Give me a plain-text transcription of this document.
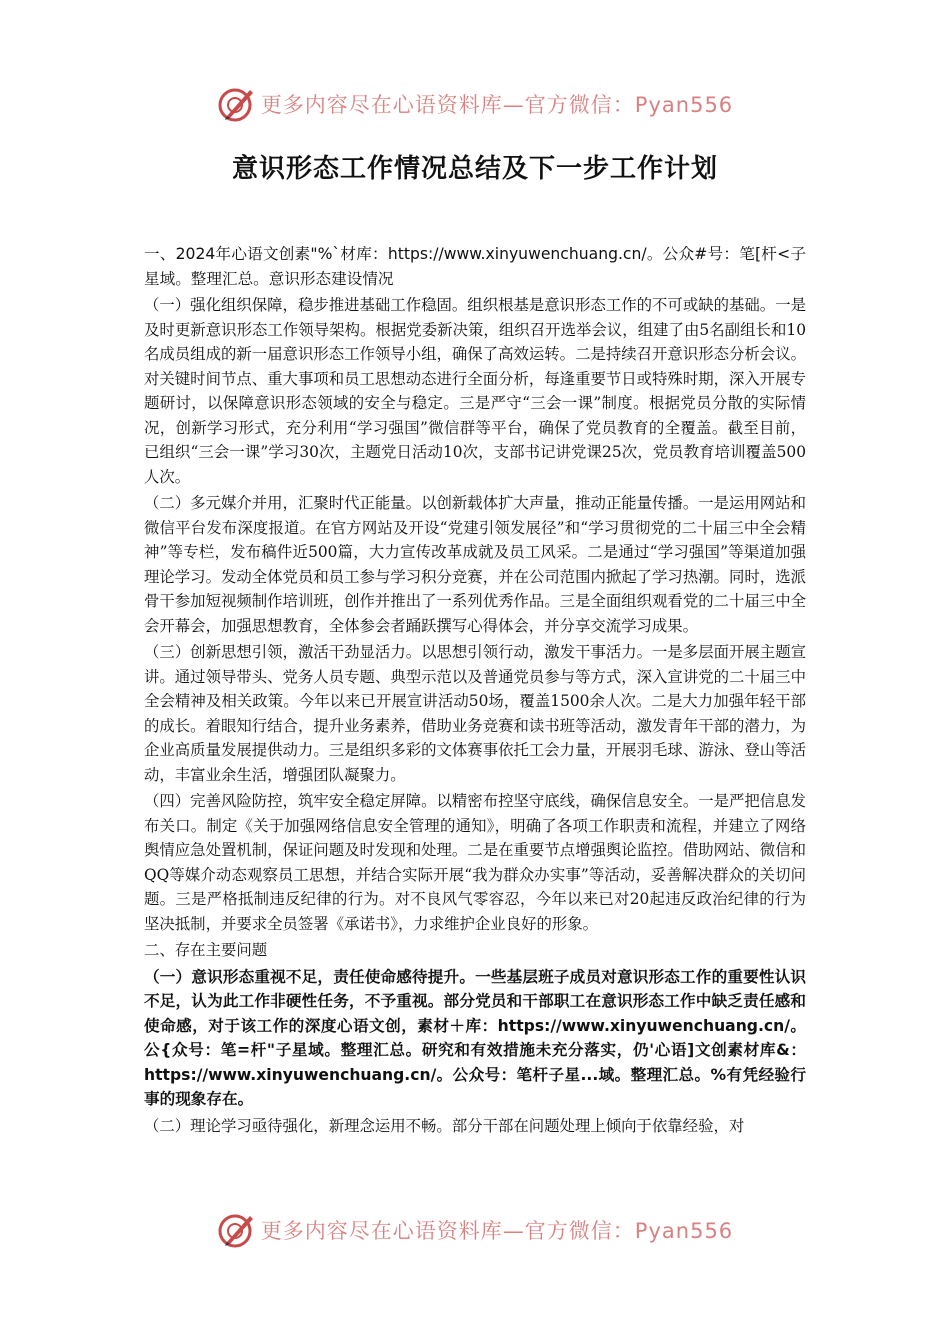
更多内容尽在心语资料库—官方微信：Pyan556
意识形态工作情况总结及下一步工作计划

一、2024年心语文创素"%`材库：https://www.xinyuwenchuang.cn/。公众#号：笔[杆<子星域。整理汇总。意识形态建设情况

（一）强化组织保障，稳步推进基础工作稳固。组织根基是意识形态工作的不可或缺的基础。一是及时更新意识形态工作领导架构。根据党委新决策，组织召开选举会议，组建了由5名副组长和10名成员组成的新一届意识形态工作领导小组，确保了高效运转。二是持续召开意识形态分析会议。对关键时间节点、重大事项和员工思想动态进行全面分析，每逢重要节日或特殊时期，深入开展专题研讨，以保障意识形态领域的安全与稳定。三是严守“三会一课”制度。根据党员分散的实际情况，创新学习形式，充分利用“学习强国”微信群等平台，确保了党员教育的全覆盖。截至目前，已组织“三会一课”学习30次，主题党日活动10次，支部书记讲党课25次，党员教育培训覆盖500人次。

（二）多元媒介并用，汇聚时代正能量。以创新载体扩大声量，推动正能量传播。一是运用网站和微信平台发布深度报道。在官方网站及开设“党建引领发展径”和“学习贯彻党的二十届三中全会精神”等专栏，发布稿件近500篇，大力宣传改革成就及员工风采。二是通过“学习强国”等渠道加强理论学习。发动全体党员和员工参与学习积分竞赛，并在公司范围内掀起了学习热潮。同时，选派骨干参加短视频制作培训班，创作并推出了一系列优秀作品。三是全面组织观看党的二十届三中全会开幕会，加强思想教育，全体参会者踊跃撰写心得体会，并分享交流学习成果。

（三）创新思想引领，激活干劲显活力。以思想引领行动，激发干事活力。一是多层面开展主题宣讲。通过领导带头、党务人员专题、典型示范以及普通党员参与等方式，深入宣讲党的二十届三中全会精神及相关政策。今年以来已开展宣讲活动50场，覆盖1500余人次。二是大力加强年轻干部的成长。着眼知行结合，提升业务素养，借助业务竞赛和读书班等活动，激发青年干部的潜力，为企业高质量发展提供动力。三是组织多彩的文体赛事依托工会力量，开展羽毛球、游泳、登山等活动，丰富业余生活，增强团队凝聚力。

（四）完善风险防控，筑牢安全稳定屏障。以精密布控坚守底线，确保信息安全。一是严把信息发布关口。制定《关于加强网络信息安全管理的通知》，明确了各项工作职责和流程，并建立了网络舆情应急处置机制，保证问题及时发现和处理。二是在重要节点增强舆论监控。借助网站、微信和QQ等媒介动态观察员工思想，并结合实际开展“我为群众办实事”等活动，妥善解决群众的关切问题。三是严格抵制违反纪律的行为。对不良风气零容忍，今年以来已对20起违反政治纪律的行为坚决抵制，并要求全员签署《承诺书》，力求维护企业良好的形象。

二、存在主要问题

（一）意识形态重视不足，责任使命感待提升。一些基层班子成员对意识形态工作的重要性认识不足，认为此工作非硬性任务，不予重视。部分党员和干部职工在意识形态工作中缺乏责任感和使命感，对于该工作的深度心语文创，素材＋库：https://www.xinyuwenchuang.cn/。公{众号：笔=杆"子星域。整理汇总。研究和有效措施未充分落实，仍'心语]文创素材库&：https://www.xinyuwenchuang.cn/。公众号：笔杆子星...域。整理汇总。%有凭经验行事的现象存在。

（二）理论学习亟待强化，新理念运用不畅。部分干部在问题处理上倾向于依靠经验，对

更多内容尽在心语资料库—官方微信：Pyan556
